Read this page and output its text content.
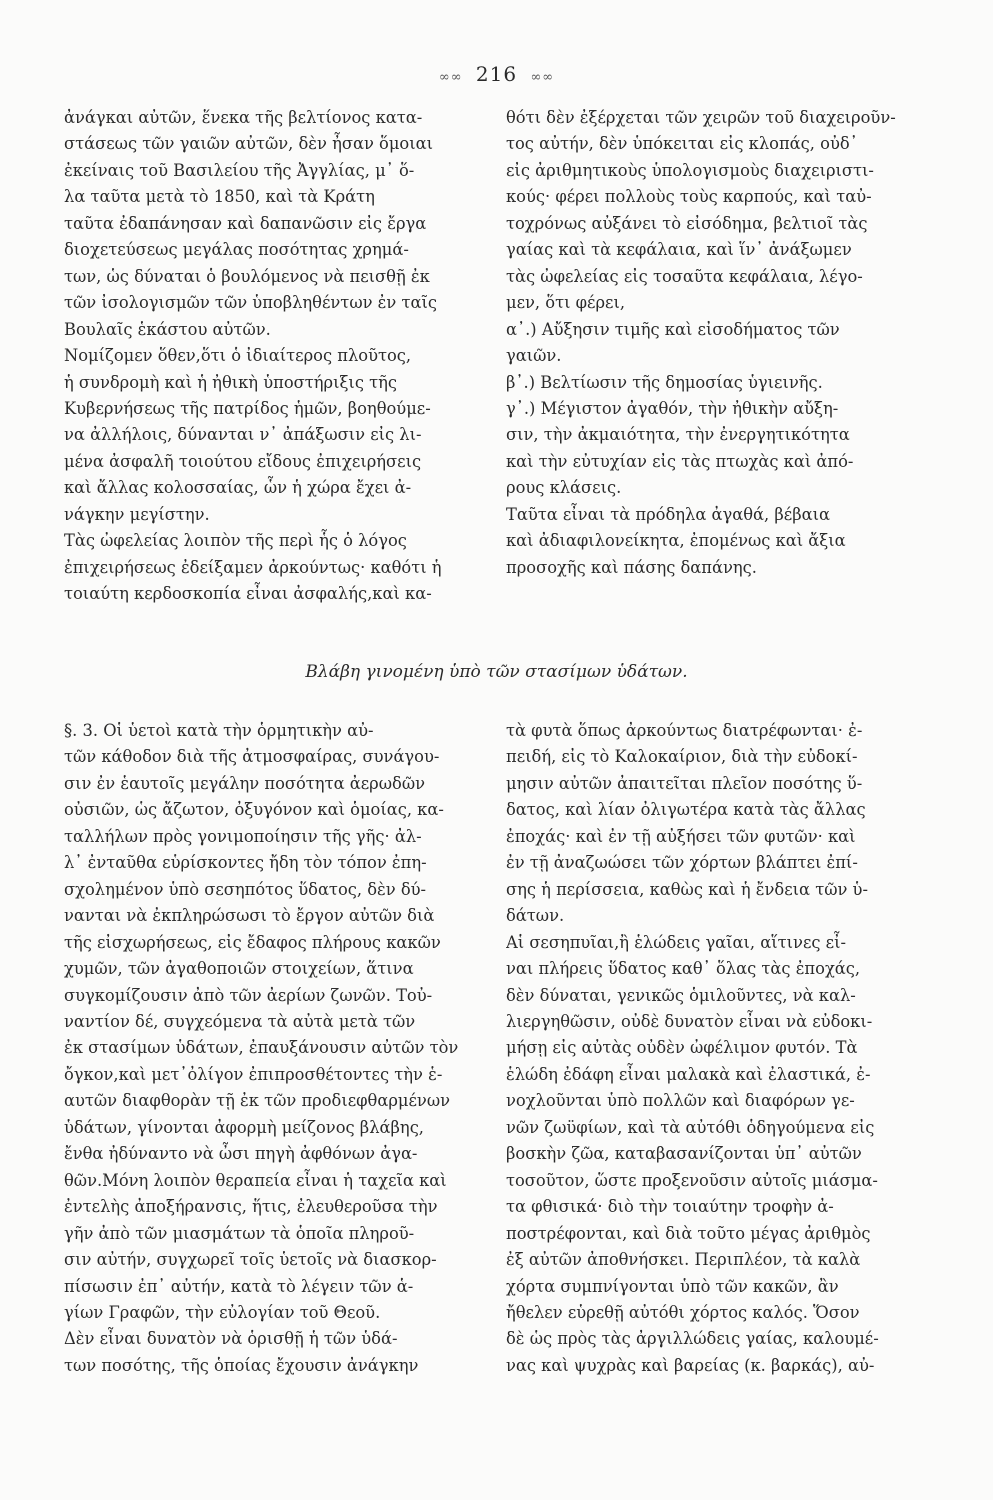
∞∞ 216 ∞∞
ἀνάγκαι αὐτῶν, ἕνεκα τῆς βελτίονος κατα-
στάσεως τῶν γαιῶν αὐτῶν, δὲν ἦσαν ὅμοιαι
ἐκείναις τοῦ Βασιλείου τῆς Ἀγγλίας, μ᾽ ὅ-
λα ταῦτα μετὰ τὸ 1850, καὶ τὰ Κράτη
ταῦτα ἐδαπάνησαν καὶ δαπανῶσιν εἰς ἔργα
διοχετεύσεως μεγάλας ποσότητας χρημά-
των, ὡς δύναται ὁ βουλόμενος νὰ πεισθῇ ἐκ
τῶν ἰσολογισμῶν τῶν ὑποβληθέντων ἐν ταῖς
Βουλαῖς ἑκάστου αὐτῶν.
Νομίζομεν ὅθεν,ὅτι ὁ ἰδιαίτερος πλοῦτος,
ἡ συνδρομὴ καὶ ἡ ἠθικὴ ὑποστήριξις τῆς
Κυβερνήσεως τῆς πατρίδος ἡμῶν, βοηθούμε-
να ἀλλήλοις, δύνανται ν᾽ ἀπάξωσιν εἰς λι-
μένα ἀσφαλῆ τοιούτου εἴδους ἐπιχειρήσεις
καὶ ἄλλας κολοσσαίας, ὧν ἡ χώρα ἔχει ἀ-
νάγκην μεγίστην.
Τὰς ὠφελείας λοιπὸν τῆς περὶ ἧς ὁ λόγος
ἐπιχειρήσεως ἐδείξαμεν ἀρκούντως· καθότι ἡ
τοιαύτη κερδοσκοπία εἶναι ἀσφαλής,καὶ κα-
θότι δὲν ἐξέρχεται τῶν χειρῶν τοῦ διαχειροῦν-
τος αὐτήν, δὲν ὑπόκειται εἰς κλοπάς, οὐδ᾽
εἰς ἀριθμητικοὺς ὑπολογισμοὺς διαχειριστι-
κούς· φέρει πολλοὺς τοὺς καρπούς, καὶ ταὐ-
τοχρόνως αὐξάνει τὸ εἰσόδημα, βελτιοῖ τὰς
γαίας καὶ τὰ κεφάλαια, καὶ ἵν᾽ ἀνάξωμεν
τὰς ὠφελείας εἰς τοσαῦτα κεφάλαια, λέγο-
μεν, ὅτι φέρει,
α᾽.) Αὔξησιν τιμῆς καὶ εἰσοδήματος τῶν
γαιῶν.
β᾽.) Βελτίωσιν τῆς δημοσίας ὑγιεινῆς.
γ᾽.) Μέγιστον ἀγαθόν, τὴν ἠθικὴν αὔξη-
σιν, τὴν ἀκμαιότητα, τὴν ἐνεργητικότητα
καὶ τὴν εὐτυχίαν εἰς τὰς πτωχὰς καὶ ἀπό-
ρους κλάσεις.
Ταῦτα εἶναι τὰ πρόδηλα ἀγαθά, βέβαια
καὶ ἀδιαφιλονείκητα, ἐπομένως καὶ ἄξια
προσοχῆς καὶ πάσης δαπάνης.
Βλάβη γινομένη ὑπὸ τῶν στασίμων ὑδάτων.
§. 3. Οἱ ὑετοὶ κατὰ τὴν ὁρμητικὴν αὐ-
τῶν κάθοδον διὰ τῆς ἀτμοσφαίρας, συνάγου-
σιν ἐν ἑαυτοῖς μεγάλην ποσότητα ἀερωδῶν
οὐσιῶν, ὡς ἄζωτον, ὀξυγόνον καὶ ὁμοίας, κα-
ταλλήλων πρὸς γονιμοποίησιν τῆς γῆς· ἀλ-
λ᾽ ἐνταῦθα εὑρίσκοντες ἤδη τὸν τόπον ἐπη-
σχολημένον ὑπὸ σεσηπότος ὕδατος, δὲν δύ-
νανται νὰ ἐκπληρώσωσι τὸ ἔργον αὐτῶν διὰ
τῆς εἰσχωρήσεως, εἰς ἔδαφος πλήρους κακῶν
χυμῶν, τῶν ἀγαθοποιῶν στοιχείων, ἅτινα
συγκομίζουσιν ἀπὸ τῶν ἀερίων ζωνῶν. Τοὐ-
ναντίον δέ, συγχεόμενα τὰ αὐτὰ μετὰ τῶν
ἐκ στασίμων ὑδάτων, ἐπαυξάνουσιν αὐτῶν τὸν
ὄγκον,καὶ μετ᾽ὀλίγον ἐπιπροσθέτοντες τὴν ἑ-
αυτῶν διαφθορὰν τῇ ἐκ τῶν προδιεφθαρμένων
ὑδάτων, γίνονται ἀφορμὴ μείζονος βλάβης,
ἔνθα ἠδύναντο νὰ ὦσι πηγὴ ἀφθόνων ἀγα-
θῶν.Μόνη λοιπὸν θεραπεία εἶναι ἡ ταχεῖα καὶ
ἐντελὴς ἀποξήρανσις, ἥτις, ἐλευθεροῦσα τὴν
γῆν ἀπὸ τῶν μιασμάτων τὰ ὁποῖα πληροῦ-
σιν αὐτήν, συγχωρεῖ τοῖς ὑετοῖς νὰ διασκορ-
πίσωσιν ἐπ᾽ αὐτήν, κατὰ τὸ λέγειν τῶν ἁ-
γίων Γραφῶν, τὴν εὐλογίαν τοῦ Θεοῦ.
Δὲν εἶναι δυνατὸν νὰ ὁρισθῇ ἡ τῶν ὑδά-
των ποσότης, τῆς ὁποίας ἔχουσιν ἀνάγκην
τὰ φυτὰ ὅπως ἀρκούντως διατρέφωνται· ἐ-
πειδή, εἰς τὸ Καλοκαίριον, διὰ τὴν εὐδοκί-
μησιν αὐτῶν ἀπαιτεῖται πλεῖον ποσότης ὕ-
δατος, καὶ λίαν ὀλιγωτέρα κατὰ τὰς ἄλλας
ἐποχάς· καὶ ἐν τῇ αὐξήσει τῶν φυτῶν· καὶ
ἐν τῇ ἀναζωώσει τῶν χόρτων βλάπτει ἐπί-
σης ἡ περίσσεια, καθὼς καὶ ἡ ἔνδεια τῶν ὑ-
δάτων.
Αἱ σεσηπυῖαι,ἢ ἑλώδεις γαῖαι, αἵτινες εἶ-
ναι πλήρεις ὕδατος καθ᾽ ὅλας τὰς ἐποχάς,
δὲν δύναται, γενικῶς ὁμιλοῦντες, νὰ καλ-
λιεργηθῶσιν, οὐδὲ δυνατὸν εἶναι νὰ εὐδοκι-
μήσῃ εἰς αὐτὰς οὐδὲν ὠφέλιμον φυτόν. Τὰ
ἑλώδη ἐδάφη εἶναι μαλακὰ καὶ ἐλαστικά, ἐ-
νοχλοῦνται ὑπὸ πολλῶν καὶ διαφόρων γε-
νῶν ζωϋφίων, καὶ τὰ αὐτόθι ὁδηγούμενα εἰς
βοσκὴν ζῶα, καταβασανίζονται ὑπ᾽ αὐτῶν
τοσοῦτον, ὥστε προξενοῦσιν αὐτοῖς μιάσμα-
τα φθισικά· διὸ τὴν τοιαύτην τροφὴν ἀ-
ποστρέφονται, καὶ διὰ τοῦτο μέγας ἀριθμὸς
ἐξ αὐτῶν ἀποθνήσκει. Περιπλέον, τὰ καλὰ
χόρτα συμπνίγονται ὑπὸ τῶν κακῶν, ἂν
ἤθελεν εὑρεθῇ αὐτόθι χόρτος καλός. Ὅσον
δὲ ὡς πρὸς τὰς ἀργιλλώδεις γαίας, καλουμέ-
νας καὶ ψυχρὰς καὶ βαρείας (κ. βαρκάς), αὐ-
